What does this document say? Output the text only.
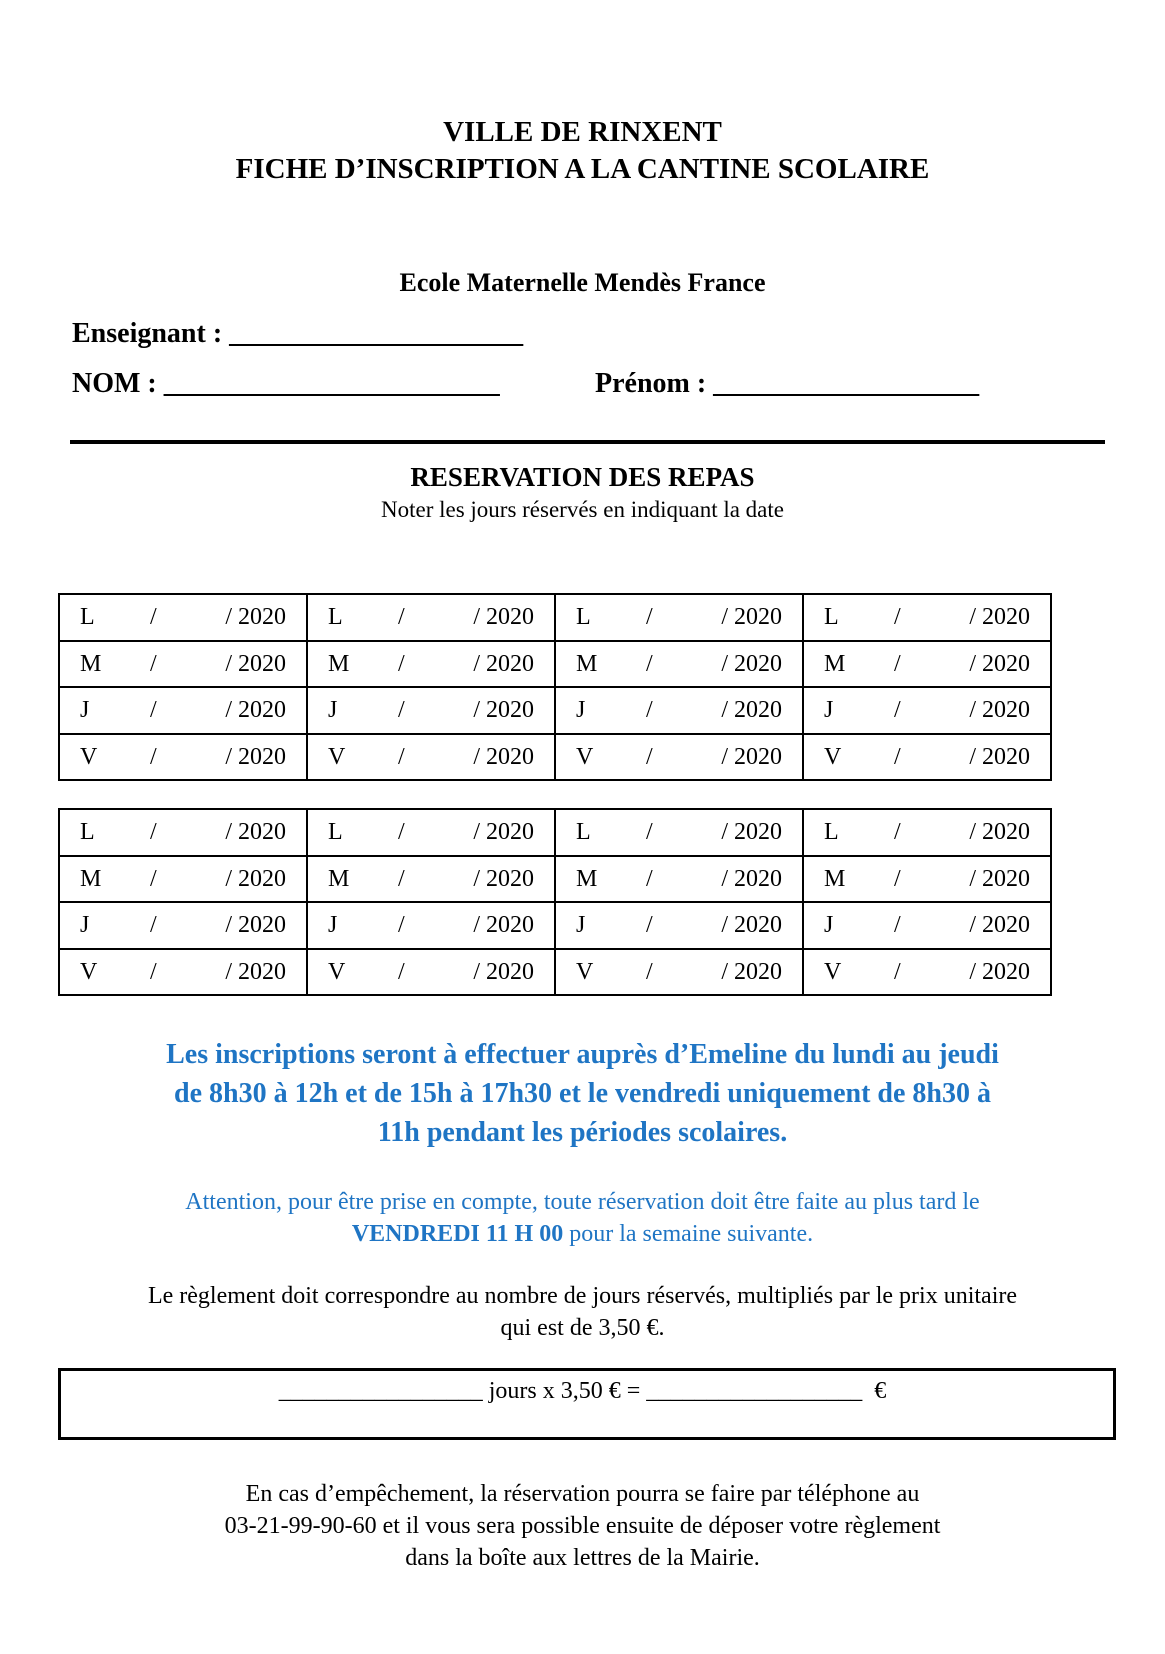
VILLE DE RINXENT
FICHE D’INSCRIPTION A LA CANTINE SCOLAIRE
Ecole Maternelle Mendès France
Enseignant : _____________________
NOM : ________________________	Prénom : ___________________
RESERVATION DES REPAS
Noter les jours réservés en indiquant la date
L / / 2020	L / / 2020	L / / 2020	L / / 2020

M / / 2020	M / / 2020	M / / 2020	M / / 2020

J / / 2020	J / / 2020	J / / 2020	J / / 2020

V / / 2020	V / / 2020	V / / 2020	V / / 2020
L / / 2020	L / / 2020	L / / 2020	L / / 2020

M / / 2020	M / / 2020	M / / 2020	M / / 2020

J / / 2020	J / / 2020	J / / 2020	J / / 2020

V / / 2020	V / / 2020	V / / 2020	V / / 2020
Les inscriptions seront à effectuer auprès d’Emeline du lundi au jeudi
de 8h30 à 12h et de 15h à 17h30 et le vendredi uniquement de 8h30 à
11h pendant les périodes scolaires.
Attention, pour être prise en compte, toute réservation doit être faite au plus tard le
VENDREDI 11 H 00 pour la semaine suivante.
Le règlement doit correspondre au nombre de jours réservés, multipliés par le prix unitaire
qui est de 3,50 €.
_________________ jours x 3,50 € = __________________  €
En cas d’empêchement, la réservation pourra se faire par téléphone au
03-21-99-90-60 et il vous sera possible ensuite de déposer votre règlement
dans la boîte aux lettres de la Mairie.
